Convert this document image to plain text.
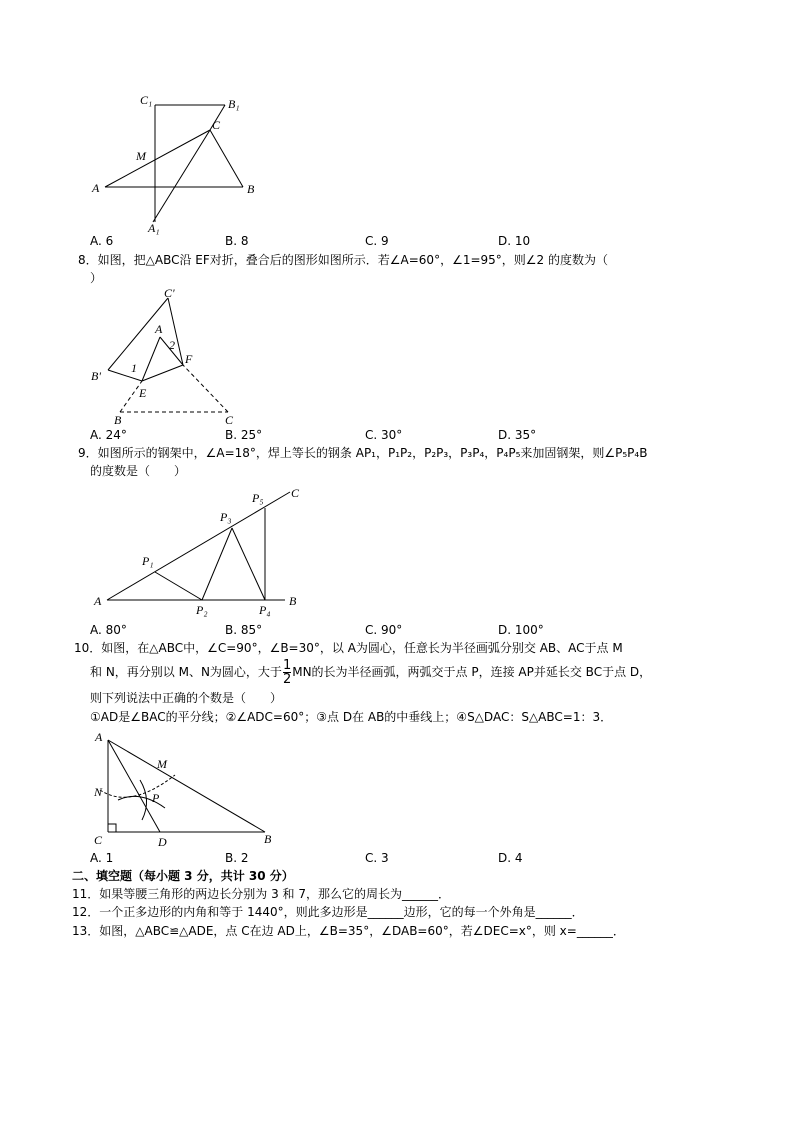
C₁	B₁
C
M
A	B
A₁
C'
A
2
F
B'
1
E
B	C
P₅ C
P₃
P₁
A
P₂	P₄
B
A
M
N	P
C	D	B
A. 6	B. 8	C. 9	D. 10
8．如图，把△ABC沿 EF对折，叠合后的图形如图所示．若∠A=60°，∠1=95°，则∠2 的度数为（
）
A. 24°	B. 25°	C. 30°	D. 35°
9．如图所示的钢架中，∠A=18°，焊上等长的钢条 AP₁，P₁P₂，P₂P₃，P₃P₄，P₄P₅来加固钢架，则∠P₅P₄B
的度数是（　　）
A. 80°	B. 85°	C. 90°	D. 100°
10．如图，在△ABC中，∠C=90°，∠B=30°，以 A为圆心，任意长为半径画弧分别交 AB、AC于点 M
和 N，再分别以 M、N为圆心，大于 $\frac{1}{2}$ MN的长为半径画弧，两弧交于点 P，连接 AP并延长交 BC于点 D，
则下列说法中正确的个数是（　　）
①AD是∠BAC的平分线；②∠ADC=60°；③点 D在 AB的中垂线上；④S△DAC：S△ABC=1：3．
A. 1	B. 2	C. 3	D. 4
二、填空题（每小题 3 分，共计 30 分）
11．如果等腰三角形的两边长分别为 3 和 7，那么它的周长为______．
12．一个正多边形的内角和等于 1440°，则此多边形是______边形，它的每一个外角是______．
13．如图，△ABC≌△ADE，点 C在边 AD上，∠B=35°，∠DAB=60°，若∠DEC=x°，则 x=______．
